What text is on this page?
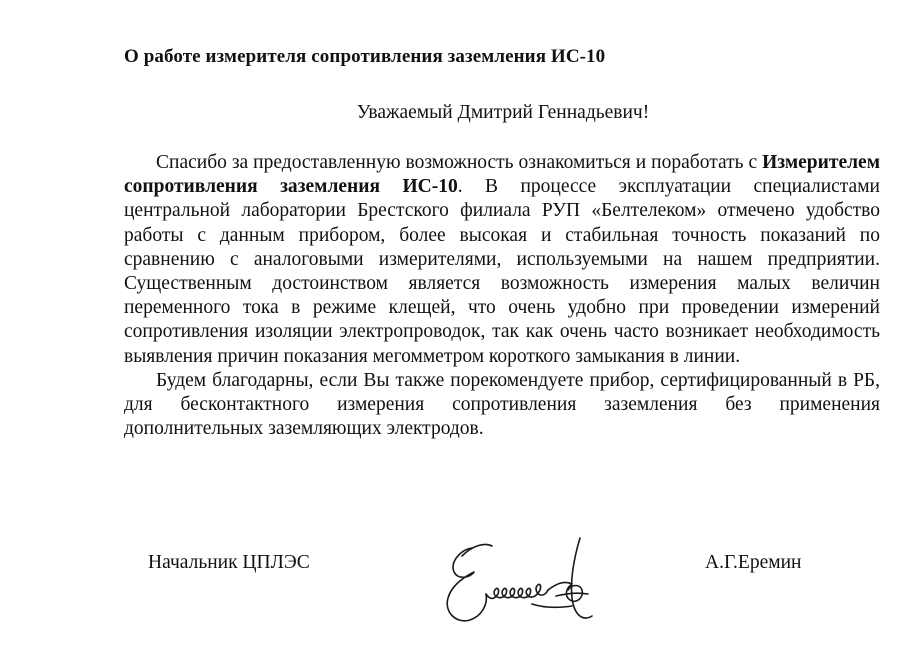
О работе измерителя сопротивления заземления ИС-10
Уважаемый Дмитрий Геннадьевич!

Спасибо за предоставленную возможность ознакомиться и поработать с Измерителем сопротивления заземления ИС-10. В процессе эксплуатации специалистами центральной лаборатории Брестского филиала РУП «Белтелеком» отмечено удобство работы с данным прибором, более высокая и стабильная точность показаний по сравнению с аналоговыми измерителями, используемыми на нашем предприятии. Существенным достоинством является возможность измерения малых величин переменного тока в режиме клещей, что очень удобно при проведении измерений сопротивления изоляции электропроводок, так как очень часто возникает необходимость выявления причин показания мегомметром короткого замыкания в линии.

Будем благодарны, если Вы также порекомендуете прибор, сертифицированный в РБ, для бесконтактного измерения сопротивления заземления без применения дополнительных заземляющих электродов.

Начальник ЦПЛЭС	А.Г.Еремин
